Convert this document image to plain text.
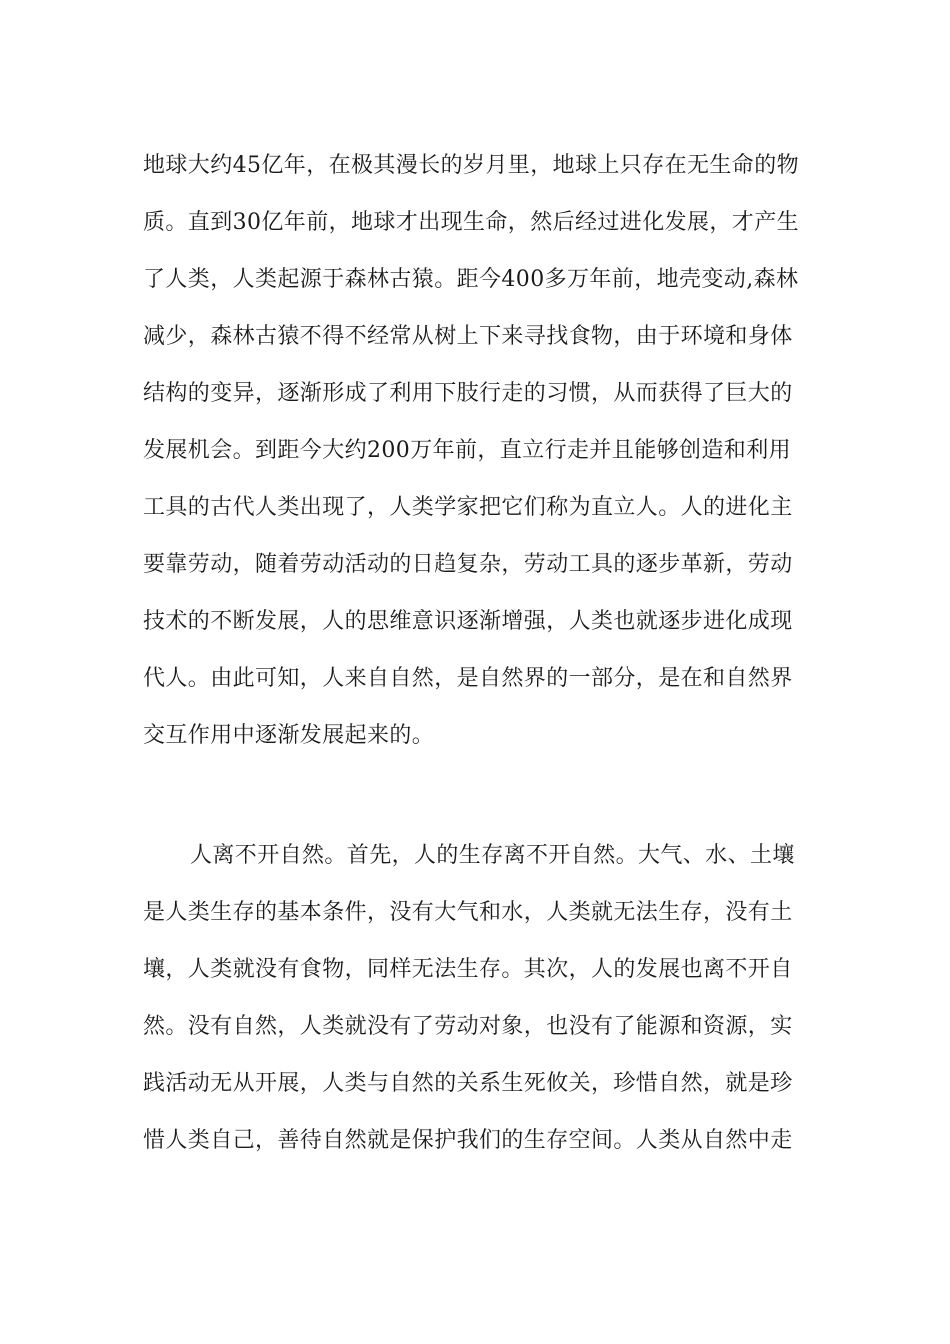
地球大约45亿年，在极其漫长的岁月里，地球上只存在无生命的物
质。直到30亿年前，地球才出现生命，然后经过进化发展，才产生
了人类，人类起源于森林古猿。距今400多万年前，地壳变动,森林
减少，森林古猿不得不经常从树上下来寻找食物，由于环境和身体
结构的变异，逐渐形成了利用下肢行走的习惯，从而获得了巨大的
发展机会。到距今大约200万年前，直立行走并且能够创造和利用
工具的古代人类出现了，人类学家把它们称为直立人。人的进化主
要靠劳动，随着劳动活动的日趋复杂，劳动工具的逐步革新，劳动
技术的不断发展，人的思维意识逐渐增强，人类也就逐步进化成现
代人。由此可知，人来自自然，是自然界的一部分，是在和自然界
交互作用中逐渐发展起来的。
人离不开自然。首先，人的生存离不开自然。大气、水、土壤
是人类生存的基本条件，没有大气和水，人类就无法生存，没有土
壤，人类就没有食物，同样无法生存。其次，人的发展也离不开自
然。没有自然，人类就没有了劳动对象，也没有了能源和资源，实
践活动无从开展，人类与自然的关系生死攸关，珍惜自然，就是珍
惜人类自己，善待自然就是保护我们的生存空间。人类从自然中走
